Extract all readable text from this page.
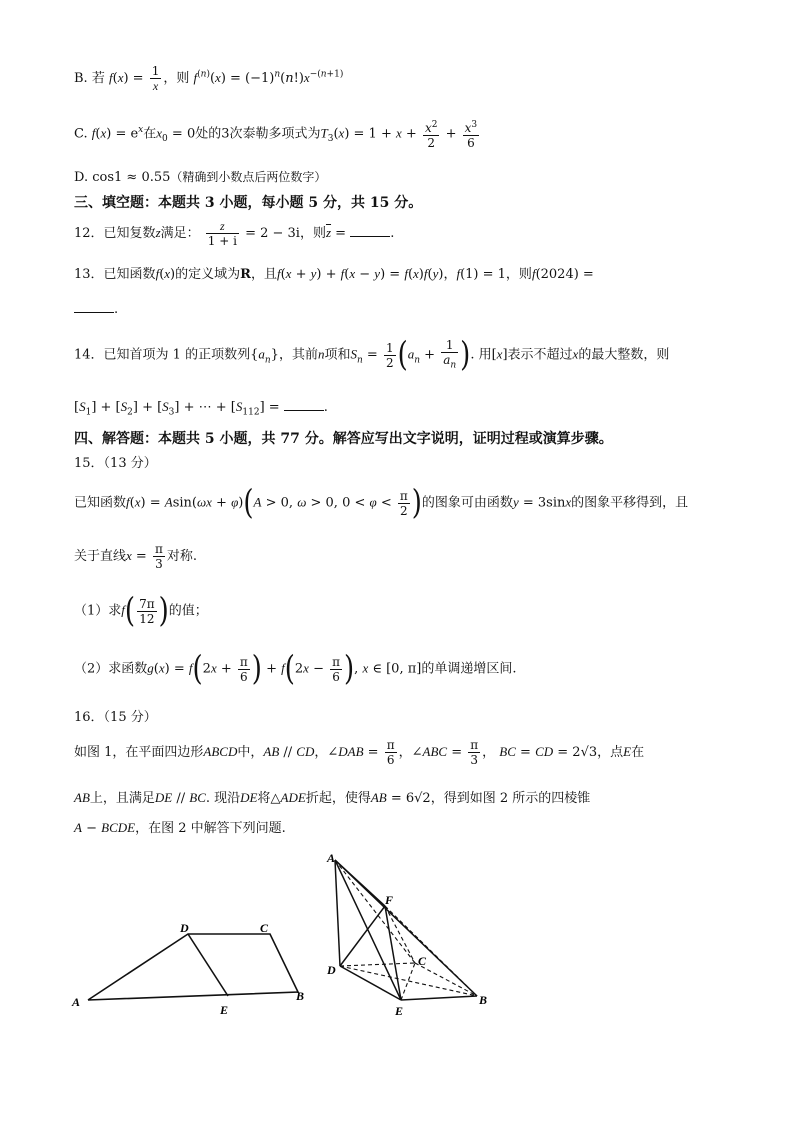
B. 若 $f(x) = \frac{1}{x}$ ，则 $f^{(n)}(x) = (-1)^n(n!)x^{-(n+1)}$
C. $f(x) = e^x$在$x_0 = 0$处的3次泰勒多项式为$T_3(x) = 1 + x + \frac{x^2}{2} + \frac{x^3}{6}$
D. cos1 ≈ 0.55（精确到小数点后两位数字）
三、填空题：本题共 3 小题，每小题 5 分，共 15 分。
12．已知复数z满足： $\frac{z}{1 + i} = 2 - 3i$，则$\overline{z}$ =	.
13．已知函数f(x)的定义域为R，且f(x + y) + f(x − y) = f(x)f(y)，f(1) = 1，则f(2024) =
.
14．已知首项为 1 的正项数列$\{a_n\}$，其前n项和$S_n = \frac{1}{2} (a_n + \frac{1}{a_n}$ ). 用[x]表示不超过x的最大整数，则
$[S_1] + [S_2] + [S_3]$ + ⋯ + $[S_{112}]$ =	.
四、解答题：本题共 5 小题，共 77 分。解答应写出文字说明，证明过程或演算步骤。
15．（13 分）
已知函数f(x) = Asin(ωx + φ)(A > 0, ω > 0, $0 < \varphi < \frac{\pi}{2}$ )的图象可由函数y = 3sinx的图象平移得到，且
关于直线$x = \frac{\pi}{3}$ 对称.
（1）求$f( \frac{7\pi}{12}$ )的值；
（2）求函数$g(x) = f(2x + \frac{\pi}{6}$ ) + $f(2x - \frac{\pi}{6}$ ), x ∈ [0, π]的单调递增区间.
16．（15 分）
如图 1，在平面四边形ABCD中，AB // CD，∠DAB = $\frac{\pi}{6}$ ，∠ABC = $\frac{\pi}{3}$ ， BC = CD = 2√3，点E在
AB上，且满足DE // BC. 现沿DE将△ADE折起，使得AB = 6√2，得到如图 2 所示的四棱锥
A − BCDE，在图 2 中解答下列问题.
D	C
A
E
B
A
F
C
D
E
B
